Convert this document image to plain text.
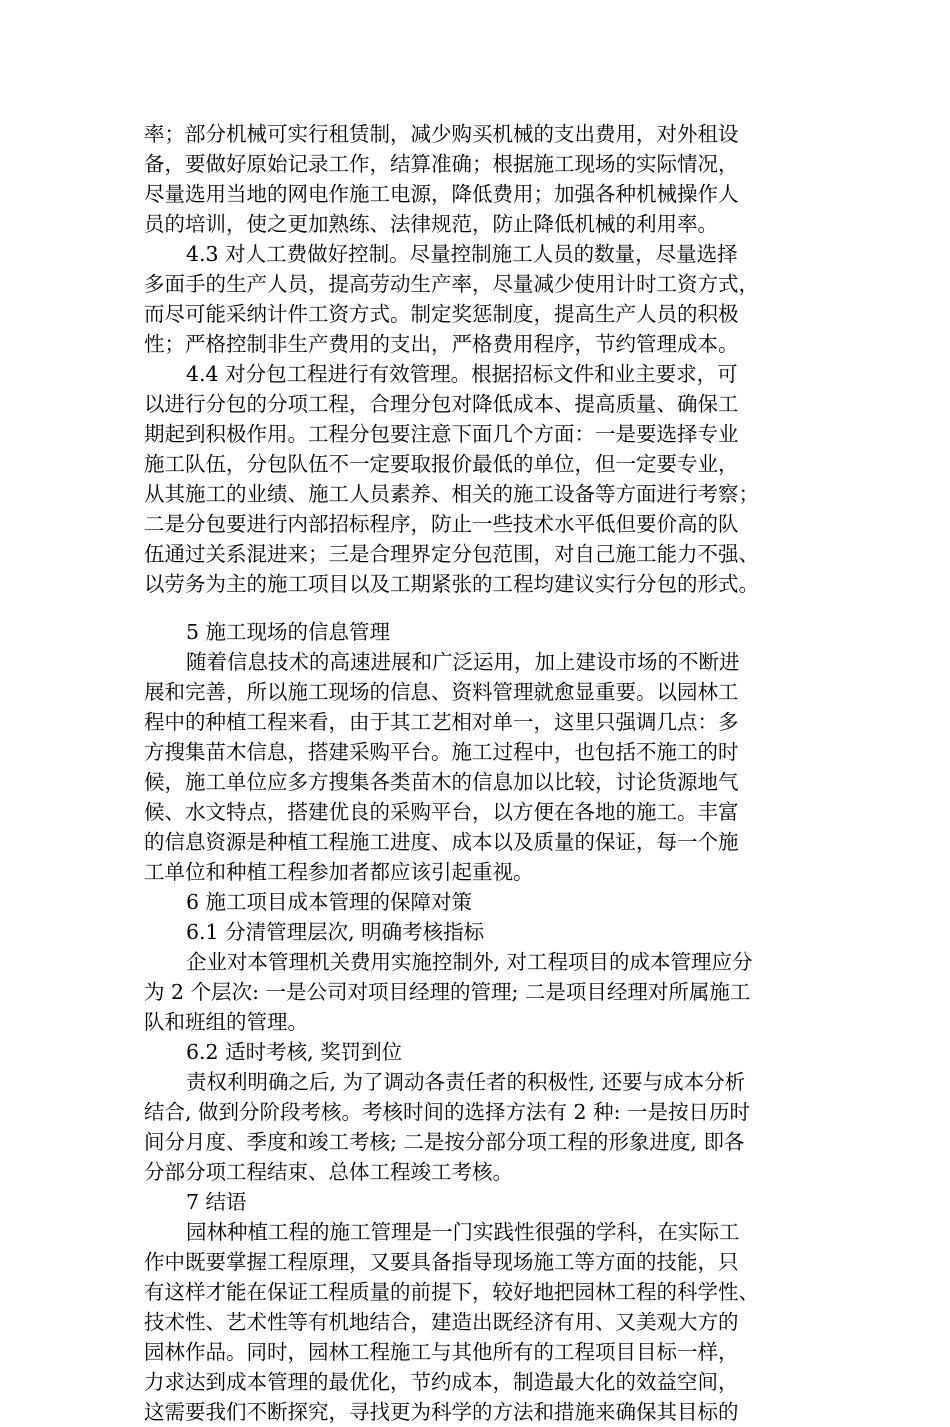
率；部分机械可实行租赁制，减少购买机械的支出费用，对外租设
备，要做好原始记录工作，结算准确；根据施工现场的实际情况，
尽量选用当地的网电作施工电源，降低费用；加强各种机械操作人
员的培训，使之更加熟练、法律规范，防止降低机械的利用率。
4.3 对人工费做好控制。尽量控制施工人员的数量，尽量选择
多面手的生产人员，提高劳动生产率，尽量减少使用计时工资方式，
而尽可能采纳计件工资方式。制定奖惩制度，提高生产人员的积极
性；严格控制非生产费用的支出，严格费用程序，节约管理成本。
4.4 对分包工程进行有效管理。根据招标文件和业主要求，可
以进行分包的分项工程，合理分包对降低成本、提高质量、确保工
期起到积极作用。工程分包要注意下面几个方面：一是要选择专业
施工队伍，分包队伍不一定要取报价最低的单位，但一定要专业，
从其施工的业绩、施工人员素养、相关的施工设备等方面进行考察；
二是分包要进行内部招标程序，防止一些技术水平低但要价高的队
伍通过关系混进来；三是合理界定分包范围，对自己施工能力不强、
以劳务为主的施工项目以及工期紧张的工程均建议实行分包的形式。
5 施工现场的信息管理
随着信息技术的高速进展和广泛运用，加上建设市场的不断进
展和完善，所以施工现场的信息、资料管理就愈显重要。以园林工
程中的种植工程来看，由于其工艺相对单一，这里只强调几点：多
方搜集苗木信息，搭建采购平台。施工过程中，也包括不施工的时
候，施工单位应多方搜集各类苗木的信息加以比较，讨论货源地气
候、水文特点，搭建优良的采购平台，以方便在各地的施工。丰富
的信息资源是种植工程施工进度、成本以及质量的保证，每一个施
工单位和种植工程参加者都应该引起重视。
6 施工项目成本管理的保障对策
6.1 分清管理层次, 明确考核指标
企业对本管理机关费用实施控制外, 对工程项目的成本管理应分
为 2 个层次: 一是公司对项目经理的管理; 二是项目经理对所属施工
队和班组的管理。
6.2 适时考核, 奖罚到位
责权利明确之后, 为了调动各责任者的积极性, 还要与成本分析
结合, 做到分阶段考核。考核时间的选择方法有 2 种: 一是按日历时
间分月度、季度和竣工考核; 二是按分部分项工程的形象进度, 即各
分部分项工程结束、总体工程竣工考核。
7 结语
园林种植工程的施工管理是一门实践性很强的学科，在实际工
作中既要掌握工程原理，又要具备指导现场施工等方面的技能，只
有这样才能在保证工程质量的前提下，较好地把园林工程的科学性、
技术性、艺术性等有机地结合，建造出既经济有用、又美观大方的
园林作品。同时，园林工程施工与其他所有的工程项目目标一样，
力求达到成本管理的最优化，节约成本，制造最大化的效益空间，
这需要我们不断探究，寻找更为科学的方法和措施来确保其目标的
